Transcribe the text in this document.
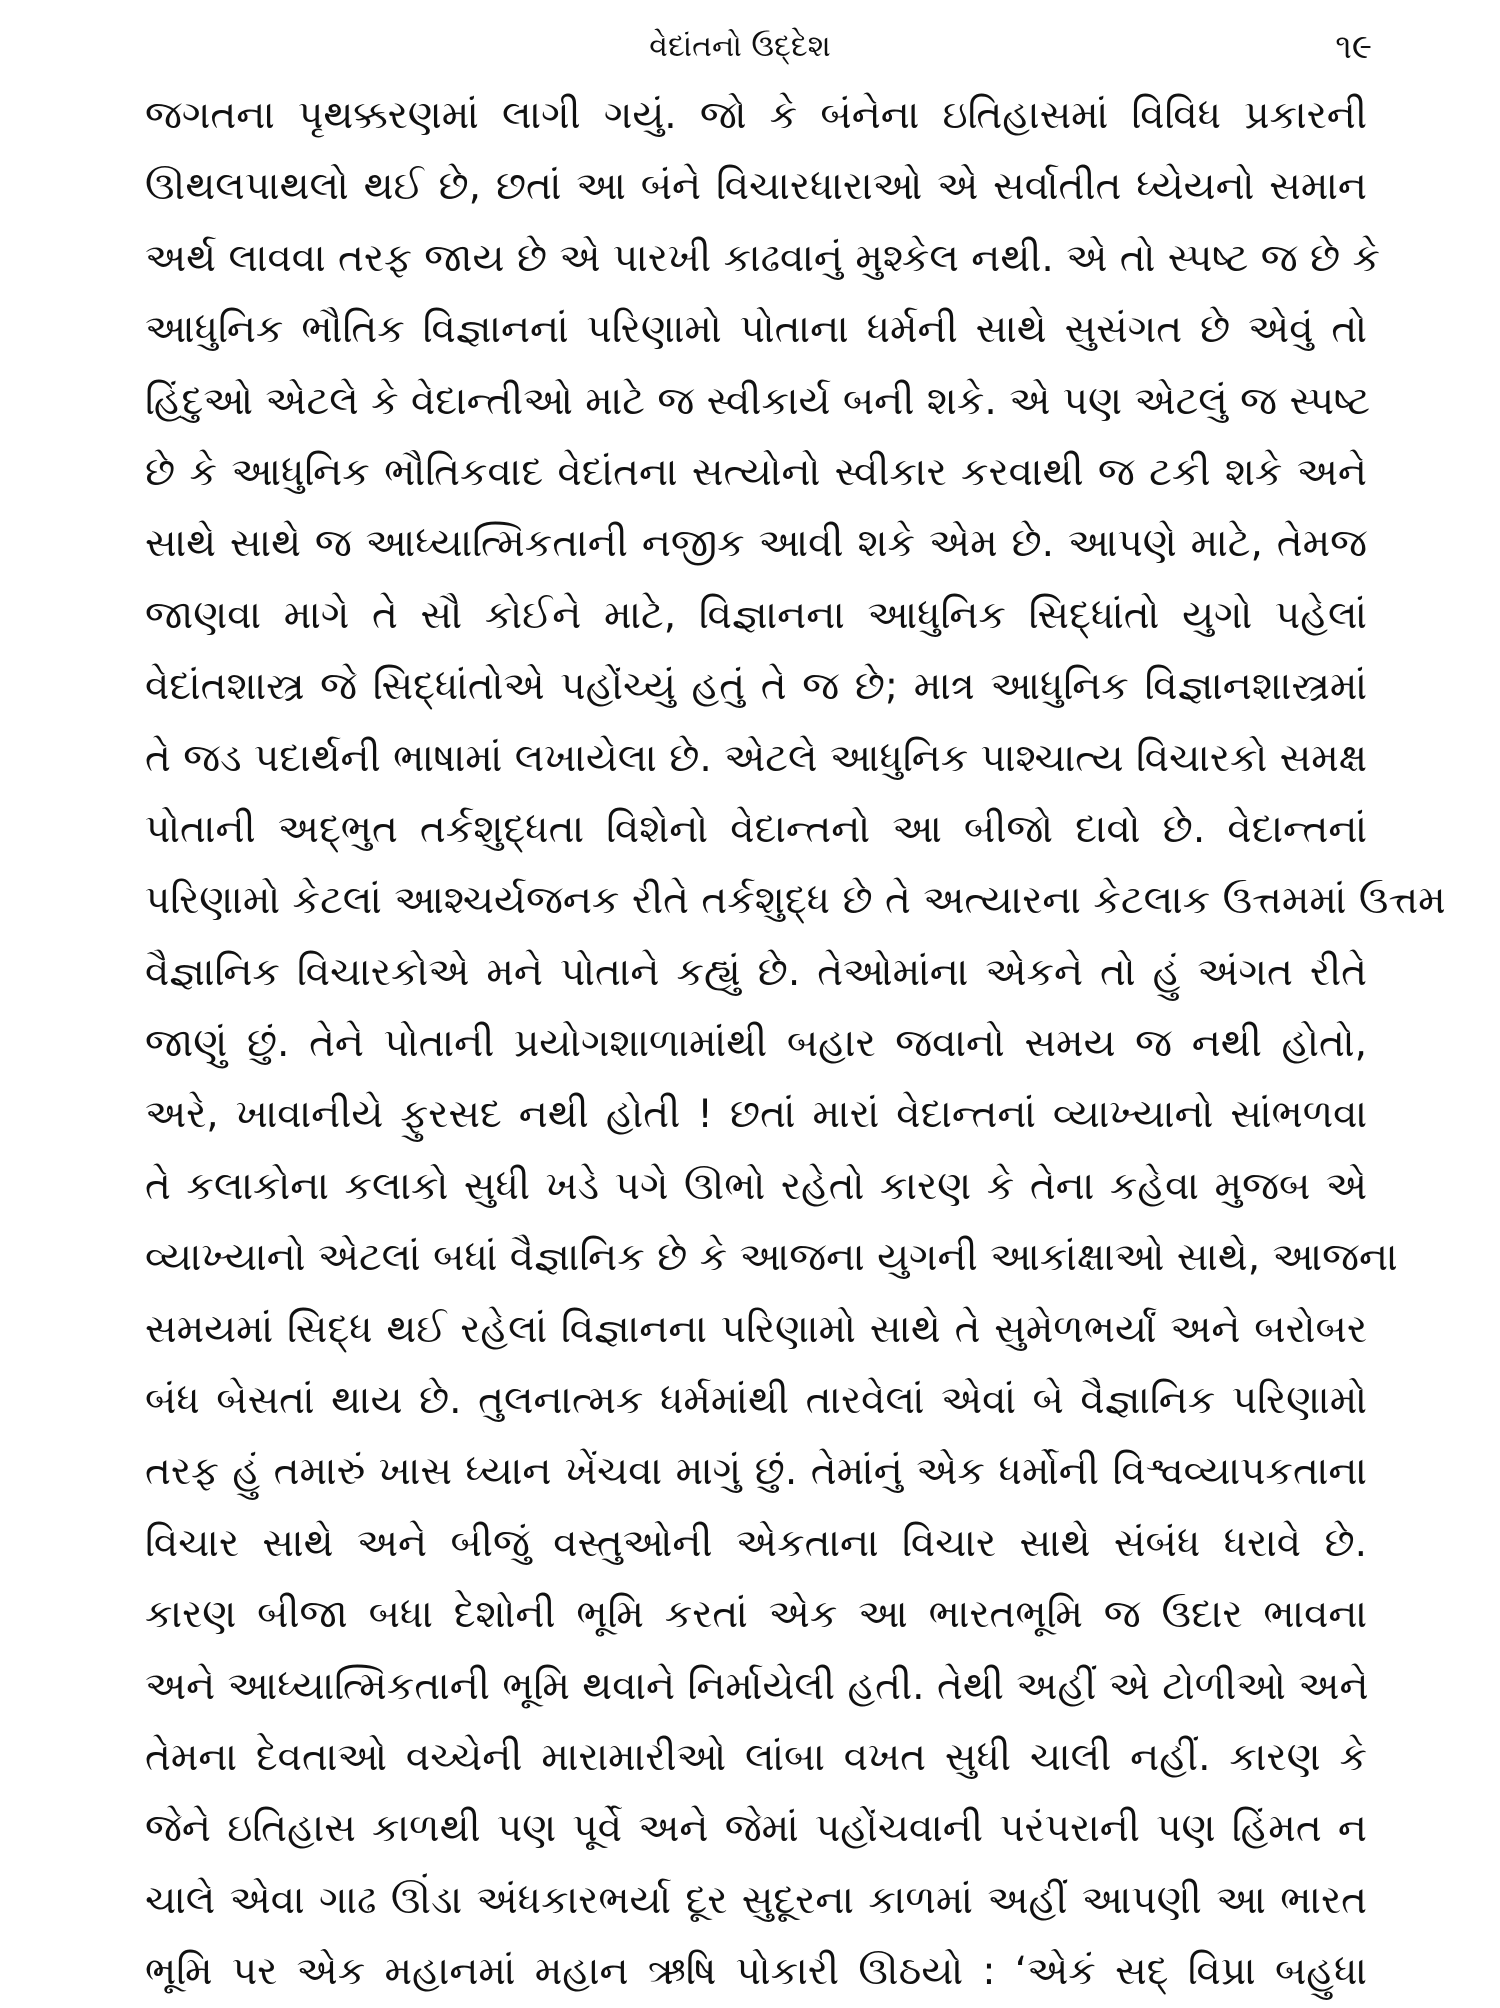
વેદાંતનો ઉદ્દેશ	૧૯
જગતના પૃથક્કરણમાં લાગી ગયું. જો કે બંનેના ઇતિહાસમાં વિવિધ પ્રકારની
ઊથલપાથલો થઈ છે, છતાં આ બંને વિચારધારાઓ એ સર્વાતીત ધ્યેયનો સમાન
અર્થ લાવવા તરફ જાય છે એ પારખી કાઢવાનું મુશ્કેલ નથી. એ તો સ્પષ્ટ જ છે કે
આધુનિક ભૌતિક વિજ્ઞાનનાં પરિણામો પોતાના ધર્મની સાથે સુસંગત છે એવું તો
હિંદુઓ એટલે કે વેદાન્તીઓ માટે જ સ્વીકાર્ય બની શકે. એ પણ એટલું જ સ્પષ્ટ
છે કે આધુનિક ભૌતિકવાદ વેદાંતના સત્યોનો સ્વીકાર કરવાથી જ ટકી શકે અને
સાથે સાથે જ આધ્યાત્મિકતાની નજીક આવી શકે એમ છે. આપણે માટે, તેમજ
જાણવા માગે તે સૌ કોઈને માટે, વિજ્ઞાનના આધુનિક સિદ્ધાંતો યુગો પહેલાં
વેદાંતશાસ્ત્ર જે સિદ્ધાંતોએ પહોંચ્યું હતું તે જ છે; માત્ર આધુનિક વિજ્ઞાનશાસ્ત્રમાં
તે જડ પદાર્થની ભાષામાં લખાયેલા છે. એટલે આધુનિક પાશ્ચાત્ય વિચારકો સમક્ષ
પોતાની અદ્ભુત તર્કશુદ્ધતા વિશેનો વેદાન્તનો આ બીજો દાવો છે. વેદાન્તનાં
પરિણામો કેટલાં આશ્ચર્યજનક રીતે તર્કશુદ્ધ છે તે અત્યારના કેટલાક ઉત્તમમાં ઉત્તમ
વૈજ્ઞાનિક વિચારકોએ મને પોતાને કહ્યું છે. તેઓમાંના એકને તો હું અંગત રીતે
જાણું છું. તેને પોતાની પ્રયોગશાળામાંથી બહાર જવાનો સમય જ નથી હોતો,
અરે, ખાવાનીયે ફુરસદ નથી હોતી ! છતાં મારાં વેદાન્તનાં વ્યાખ્યાનો સાંભળવા
તે કલાકોના કલાકો સુધી ખડે પગે ઊભો રહેતો કારણ કે તેના કહેવા મુજબ એ
વ્યાખ્યાનો એટલાં બધાં વૈજ્ઞાનિક છે કે આજના યુગની આકાંક્ષાઓ સાથે, આજના
સમયમાં સિદ્ધ થઈ રહેલાં વિજ્ઞાનના પરિણામો સાથે તે સુમેળભર્યાં અને બરોબર
બંધ બેસતાં થાય છે. તુલનાત્મક ધર્મમાંથી તારવેલાં એવાં બે વૈજ્ઞાનિક પરિણામો
તરફ હું તમારું ખાસ ધ્યાન ખેંચવા માગું છું. તેમાંનું એક ધર્મોની વિશ્વવ્યાપકતાના
વિચાર સાથે અને બીજું વસ્તુઓની એકતાના વિચાર સાથે સંબંધ ધરાવે છે.
કારણ બીજા બધા દેશોની ભૂમિ કરતાં એક આ ભારતભૂમિ જ ઉદાર ભાવના
અને આધ્યાત્મિકતાની ભૂમિ થવાને નિર્માયેલી હતી. તેથી અહીં એ ટોળીઓ અને
તેમના દેવતાઓ વચ્ચેની મારામારીઓ લાંબા વખત સુધી ચાલી નહીં. કારણ કે
જેને ઇતિહાસ કાળથી પણ પૂર્વે અને જેમાં પહોંચવાની પરંપરાની પણ હિંમત ન
ચાલે એવા ગાઢ ઊંડા અંધકારભર્યા દૂર સુદૂરના કાળમાં અહીં આપણી આ ભારત
ભૂમિ પર એક મહાનમાં મહાન ઋષિ પોકારી ઊઠયો : ‘એકં સદ્ વિપ્રા બહુધા
